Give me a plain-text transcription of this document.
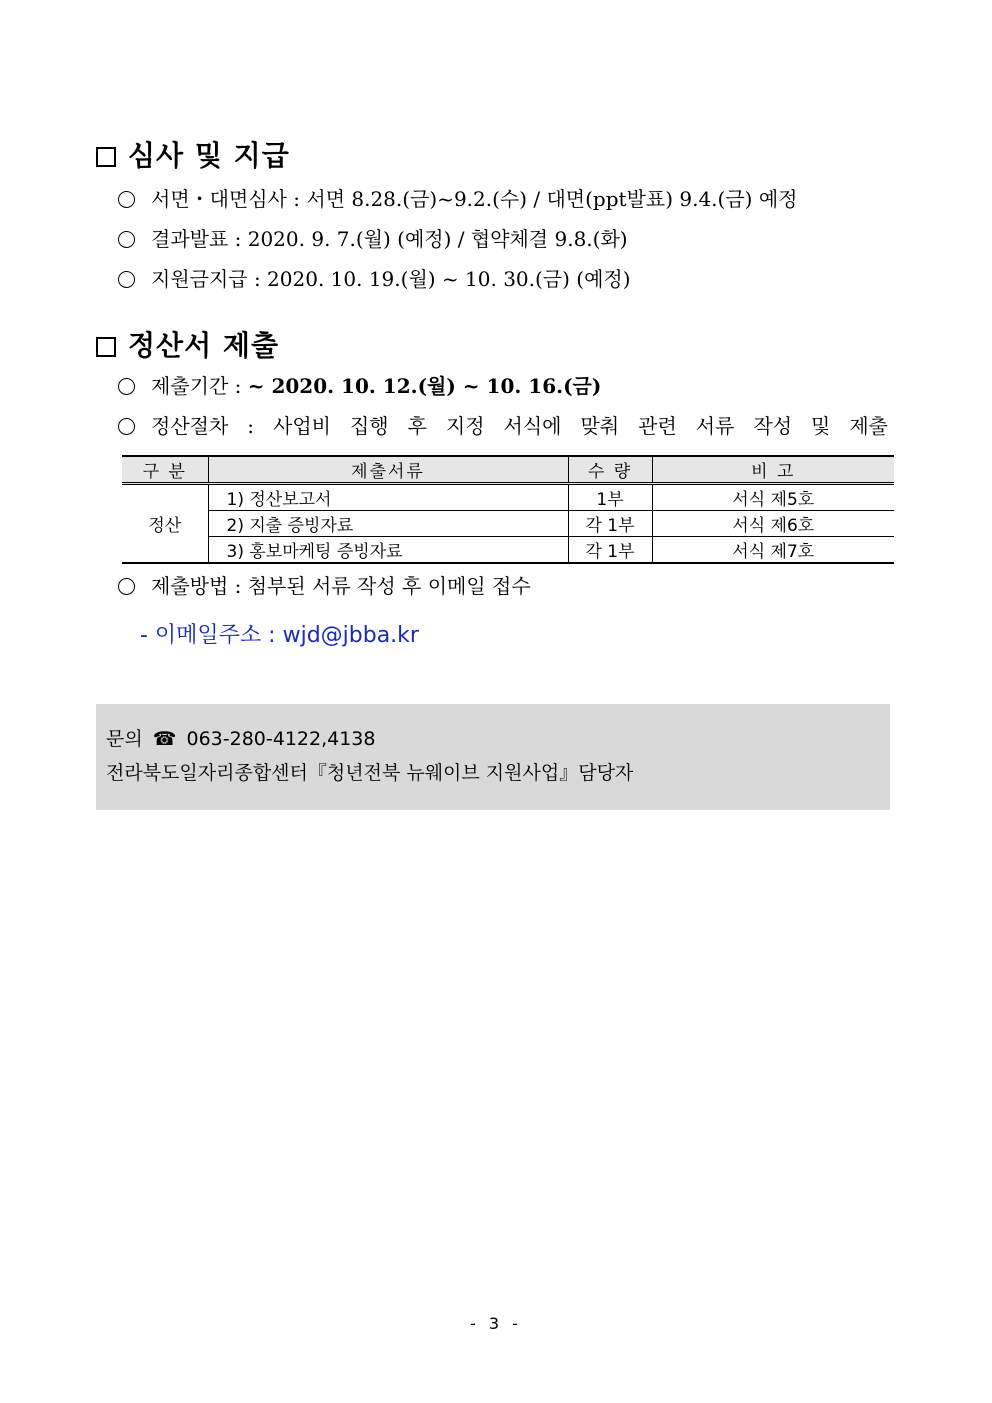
심사 및 지급
서면・대면심사 : 서면 8.28.(금)~9.2.(수) / 대면(ppt발표) 9.4.(금) 예정
결과발표 : 2020. 9. 7.(월) (예정) / 협약체결 9.8.(화)
지원금지급 : 2020. 10. 19.(월) ~ 10. 30.(금) (예정)
정산서 제출
제출기간 : ~ 2020. 10. 12.(월) ~ 10. 16.(금)
정산절차 : 사업비 집행 후 지정 서식에 맞춰 관련 서류 작성 및 제출
구 분	제출서류	수 량	비 고
정산	1) 정산보고서	1부	서식 제5호
	2) 지출 증빙자료	각 1부	서식 제6호
	3) 홍보마케팅 증빙자료	각 1부	서식 제7호
제출방법 : 첨부된 서류 작성 후 이메일 접수
- 이메일주소 : wjd@jbba.kr
문의 ☎ 063-280-4122,4138
전라북도일자리종합센터『청년전북 뉴웨이브 지원사업』담당자
- 3 -
